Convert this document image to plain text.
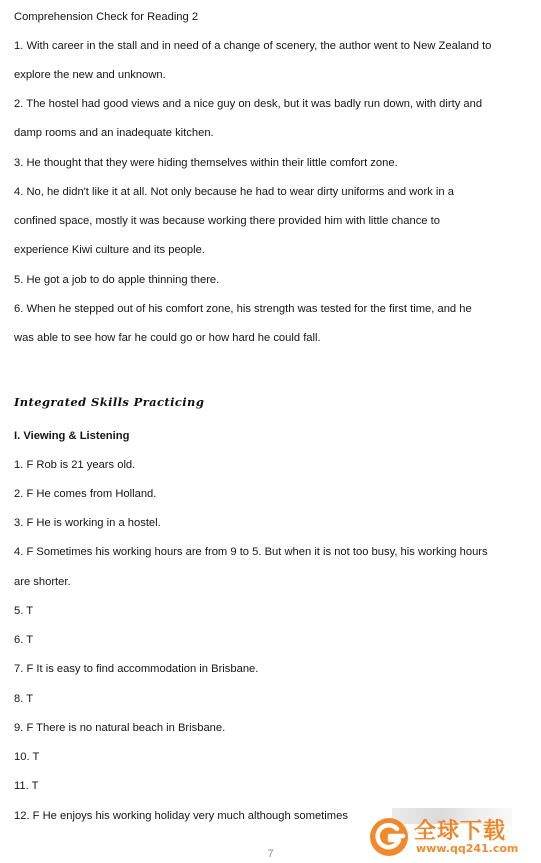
Comprehension Check for Reading 2
1. With career in the stall and in need of a change of scenery, the author went to New Zealand to
explore the new and unknown.
2. The hostel had good views and a nice guy on desk, but it was badly run down, with dirty and
damp rooms and an inadequate kitchen.
3. He thought that they were hiding themselves within their little comfort zone.
4. No, he didn't like it at all. Not only because he had to wear dirty uniforms and work in a
confined space, mostly it was because working there provided him with little chance to
experience Kiwi culture and its people.
5. He got a job to do apple thinning there.
6. When he stepped out of his comfort zone, his strength was tested for the first time, and he
was able to see how far he could go or how hard he could fall.
Integrated Skills Practicing
I. Viewing & Listening
1. F Rob is 21 years old.
2. F He comes from Holland.
3. F He is working in a hostel.
4. F Sometimes his working hours are from 9 to 5. But when it is not too busy, his working hours
are shorter.
5. T
6. T
7. F It is easy to find accommodation in Brisbane.
8. T
9. F There is no natural beach in Brisbane.
10. T
11. T
12. F He enjoys his working holiday very much although sometimes
7
全球下载
www.qq241.com
